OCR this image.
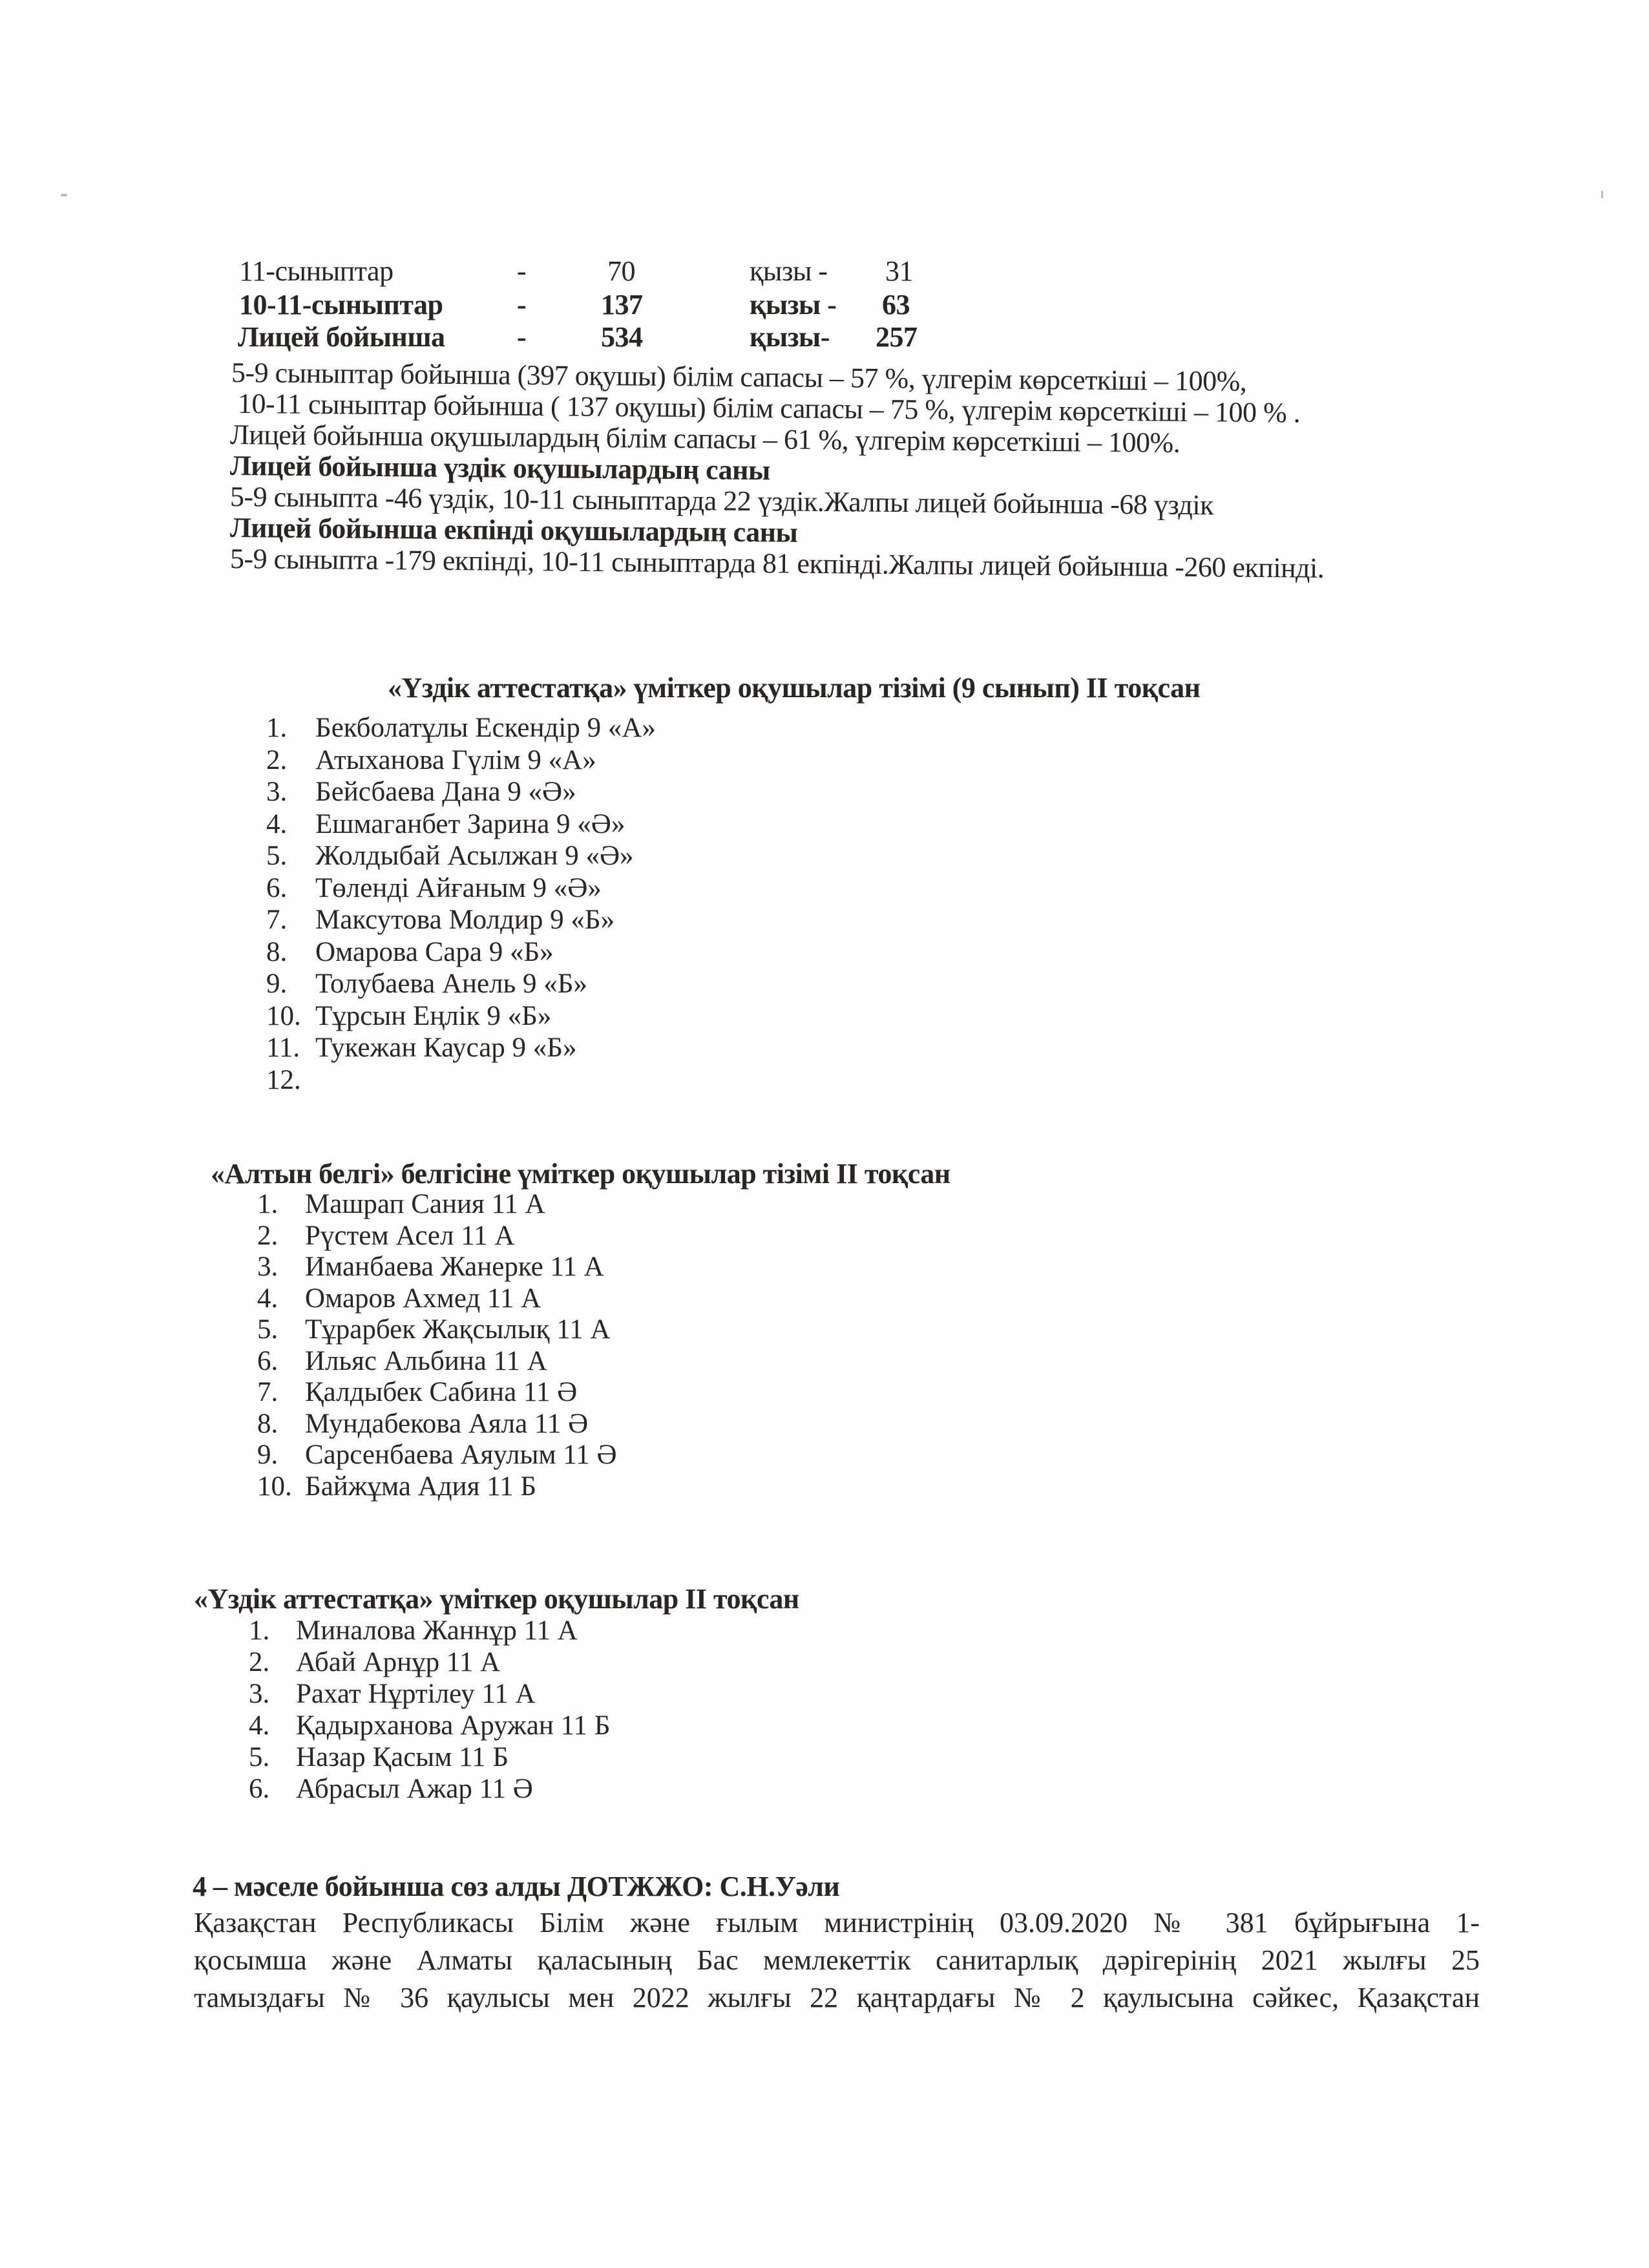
11-сыныптар	-	70	қызы - 31
10-11-сыныптар	-	137	қызы - 63
Лицей бойынша	-	534	қызы- 257
5-9 сыныптар бойынша (397 оқушы) білім сапасы – 57 %, үлгерім көрсеткіші – 100%,
10-11 сыныптар бойынша ( 137 оқушы) білім сапасы – 75 %, үлгерім көрсеткіші – 100 % .
Лицей бойынша оқушылардың білім сапасы – 61 %, үлгерім көрсеткіші – 100%.
Лицей бойынша үздік оқушылардың саны
5-9 сыныпта -46 үздік, 10-11 сыныптарда 22 үздік.Жалпы лицей бойынша -68 үздік
Лицей бойынша екпінді оқушылардың саны
5-9 сыныпта -179 екпінді, 10-11 сыныптарда 81 екпінді.Жалпы лицей бойынша -260 екпінді.
«Үздік аттестатқа» үміткер оқушылар тізімі (9 сынып) ІІ тоқсан
1. Бекболатұлы Ескендір 9 «А»
2. Атыханова Гүлім 9 «А»
3. Бейсбаева Дана 9 «Ә»
4. Ешмаганбет Зарина 9 «Ә»
5. Жолдыбай Асылжан 9 «Ә»
6. Төленді Айғаным 9 «Ә»
7. Максутова Молдир 9 «Б»
8. Омарова Сара 9 «Б»
9. Толубаева Анель 9 «Б»
10. Тұрсын Еңлік 9 «Б»
11. Тукежан Каусар 9 «Б»
12.
«Алтын белгі» белгісіне үміткер оқушылар тізімі ІІ тоқсан
1. Машрап Сания 11 А
2. Рүстем Асел 11 А
3. Иманбаева Жанерке 11 А
4. Омаров Ахмед 11 А
5. Тұрарбек Жақсылық 11 А
6. Ильяс Альбина 11 А
7. Қалдыбек Сабина 11 Ә
8. Мундабекова Аяла 11 Ә
9. Сарсенбаева Аяулым 11 Ә
10. Байжұма Адия 11 Б
«Үздік аттестатқа» үміткер оқушылар ІІ тоқсан
1. Миналова Жаннұр 11 А
2. Абай Арнұр 11 А
3. Рахат Нұртілеу 11 А
4. Қадырханова Аружан 11 Б
5. Назар Қасым 11 Б
6. Абрасыл Ажар 11 Ә
4 – мәселе бойынша сөз алды ДОТЖЖО: С.Н.Уәли
Қазақстан Республикасы Білім және ғылым министрінің 03.09.2020 № 381 бұйрығына 1-
қосымша және Алматы қаласының Бас мемлекеттік санитарлық дәрігерінің 2021 жылғы 25
тамыздағы № 36 қаулысы мен 2022 жылғы 22 қаңтардағы № 2 қаулысына сәйкес, Қазақстан
